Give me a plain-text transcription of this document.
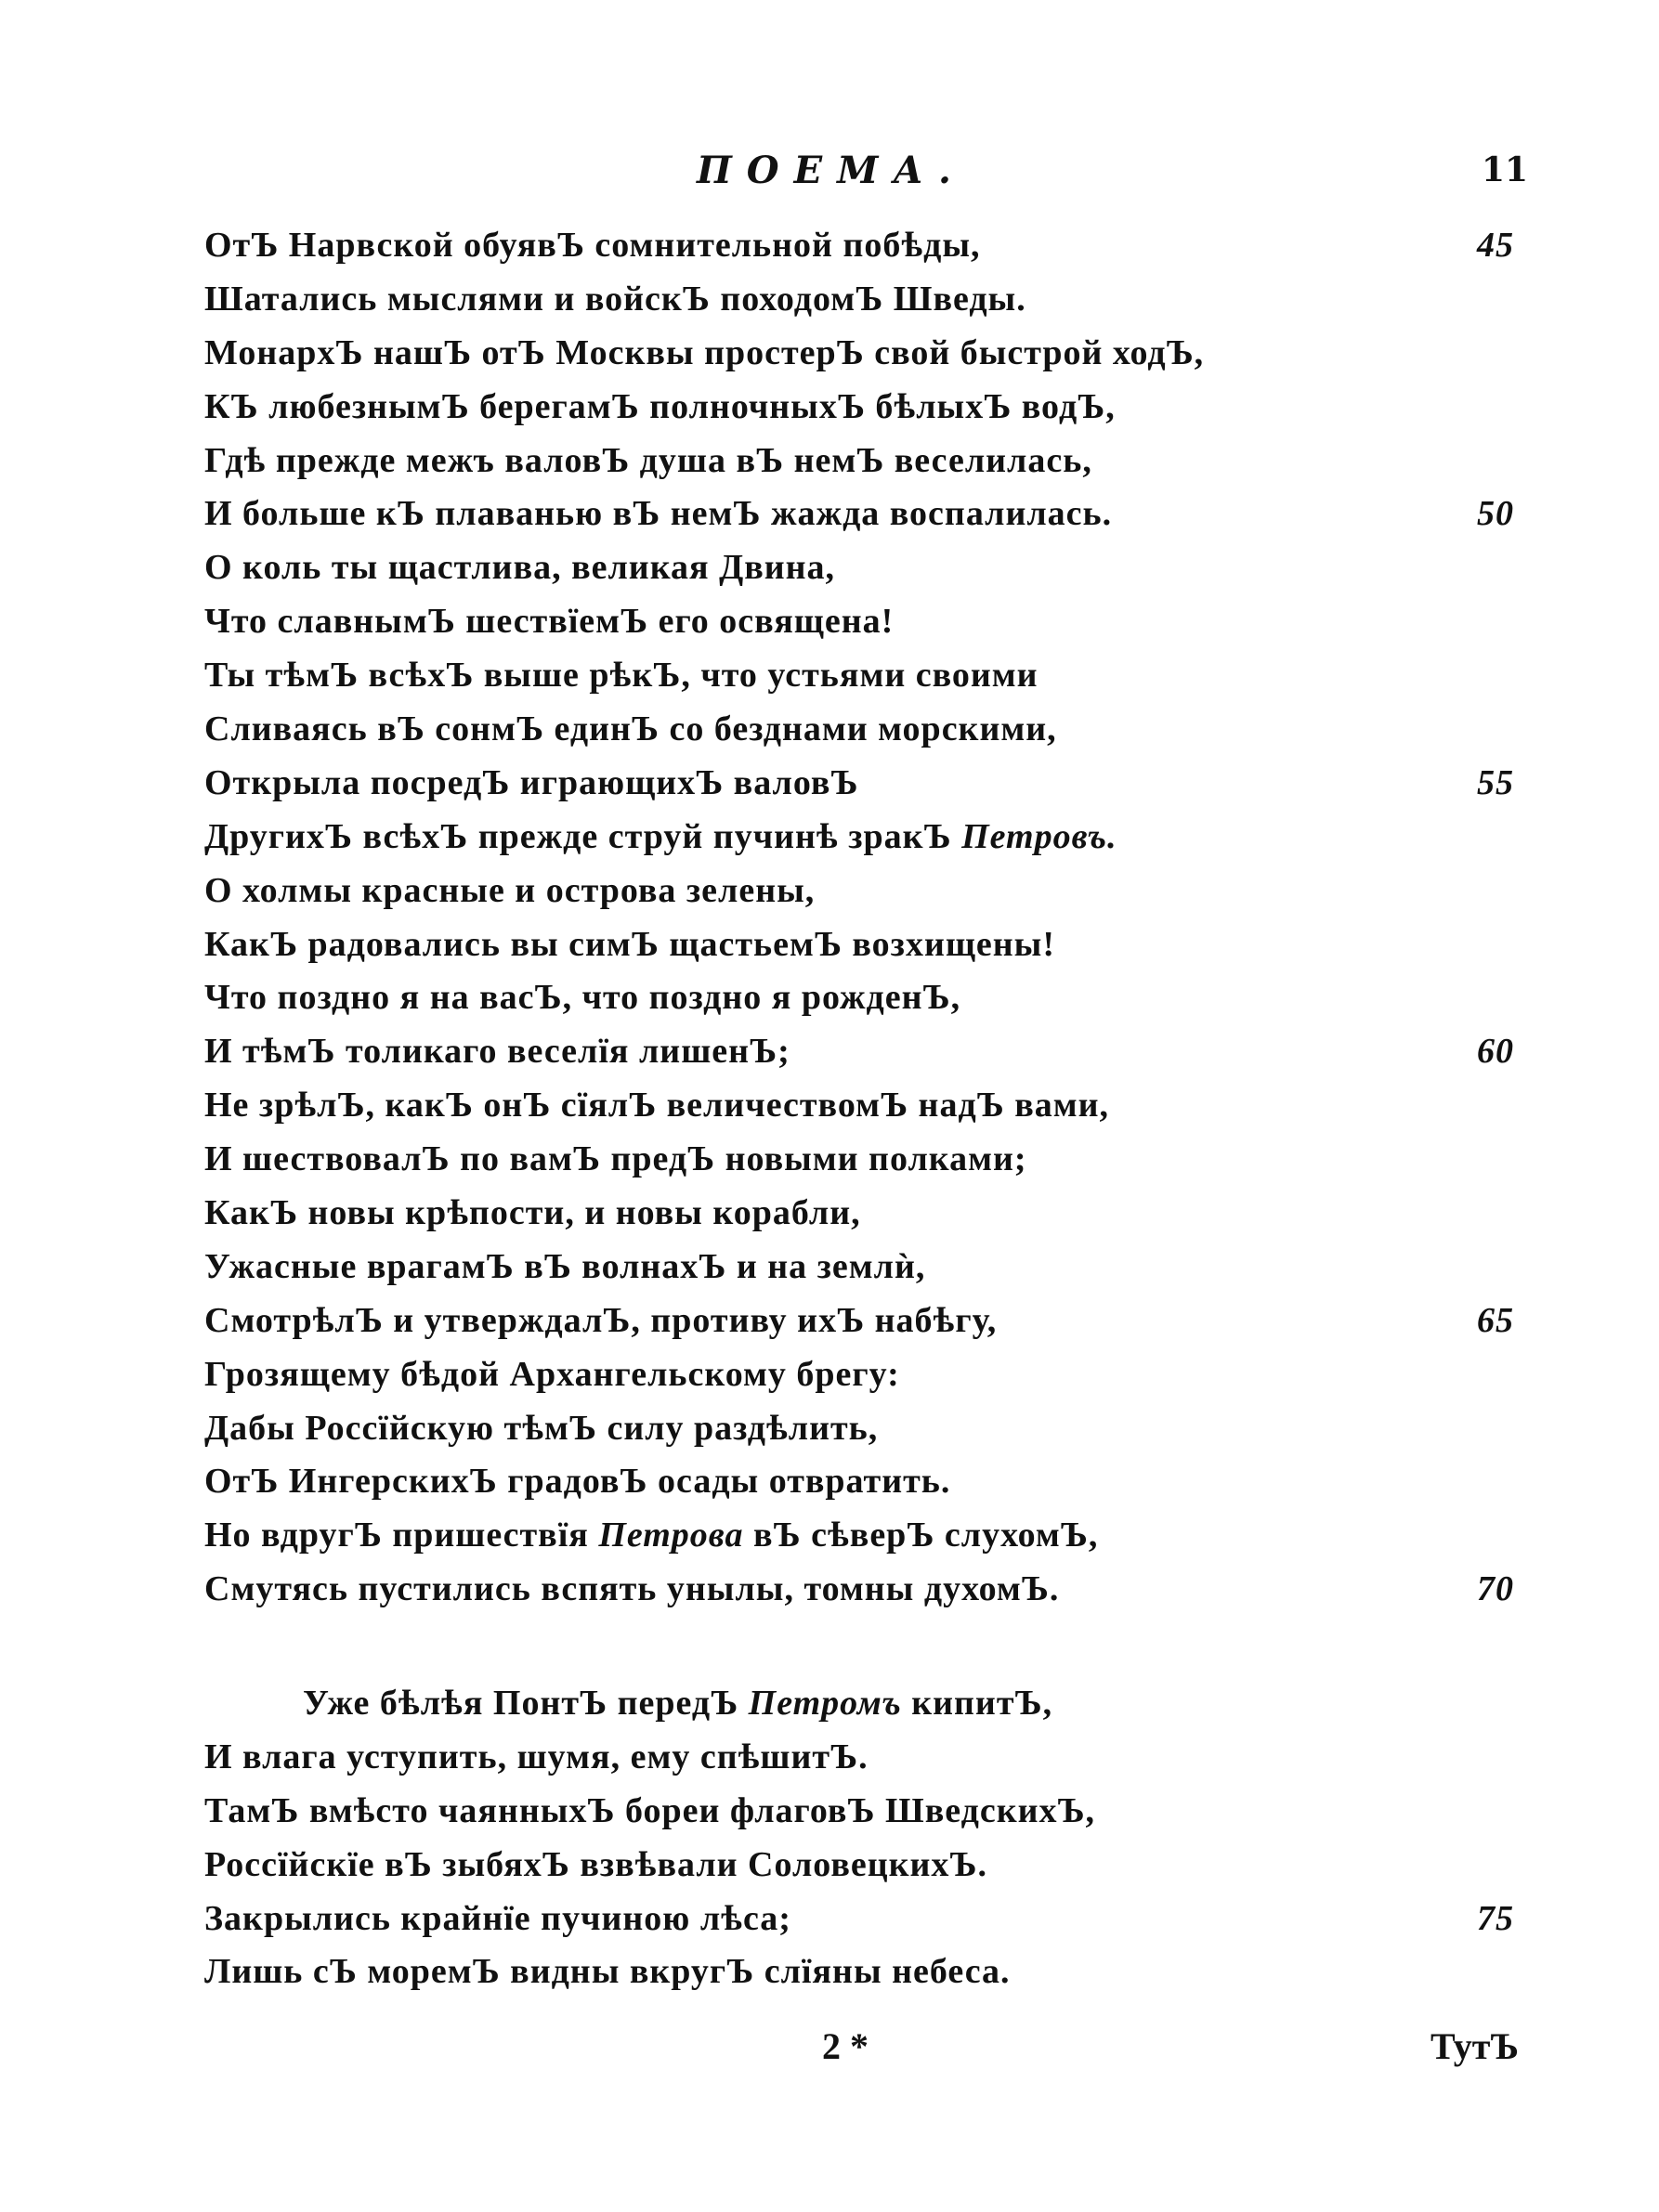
ПОЕМА.	11
ОтЪ Нарвской обуявЪ сомнительной побѣды,	45
Шатались мыслями и войскЪ походомЪ Шведы.
МонархЪ нашЪ отЪ Москвы простерЪ свой быстрой ходЪ,
КЪ любезнымЪ берегамЪ полночныхЪ бѣлыхЪ водЪ,
Гдѣ прежде межъ валовЪ душа вЪ немЪ веселилась,
И больше кЪ плаванью вЪ немЪ жажда воспалилась.	50
О коль ты щастлива, великая Двина,
Что славнымЪ шествïемЪ его освящена!
Ты тѣмЪ всѣхЪ выше рѣкЪ, что устьями своими
Сливаясь вЪ сонмЪ единЪ со безднами морскими,
Открыла посредЪ играющихЪ валовЪ	55
ДругихЪ всѣхЪ прежде струй пучинѣ зракЪ Петровъ.
О холмы красные и острова зелены,
КакЪ радовались вы симЪ щастьемЪ возхищены!
Что поздно я на васЪ, что поздно я рожденЪ,
И тѣмЪ толикаго веселïя лишенЪ;	60
Не зрѣлЪ, какЪ онЪ сïялЪ величествомЪ надЪ вами,
И шествовалЪ по вамЪ предЪ новыми полками;
КакЪ новы крѣпости, и новы корабли,
Ужасные врагамЪ вЪ волнахЪ и на землѝ,
СмотрѣлЪ и утверждалЪ, противу ихЪ набѣгу,	65
Грозящему бѣдой Архангельскому брегу:
Дабы Россïйскую тѣмЪ силу раздѣлить,
ОтЪ ИнгерскихЪ градовЪ осады отвратить.
Но вдругЪ пришествïя Петрова вЪ сѣверЪ слухомЪ,
Смутясь пустились вспять унылы, томны духомЪ.	70
Уже бѣлѣя ПонтЪ передЪ Петромъ кипитЪ,
И влага уступить, шумя, ему спѣшитЪ.
ТамЪ вмѣсто чаянныхЪ бореи флаговЪ ШведскихЪ,
Россïйскïе вЪ зыбяхЪ взвѣвали СоловецкихЪ.
Закрылись крайнïе пучиною лѣса;	75
Лишь сЪ моремЪ видны вкругЪ слïяны небеса.
2 *	ТутЪ
